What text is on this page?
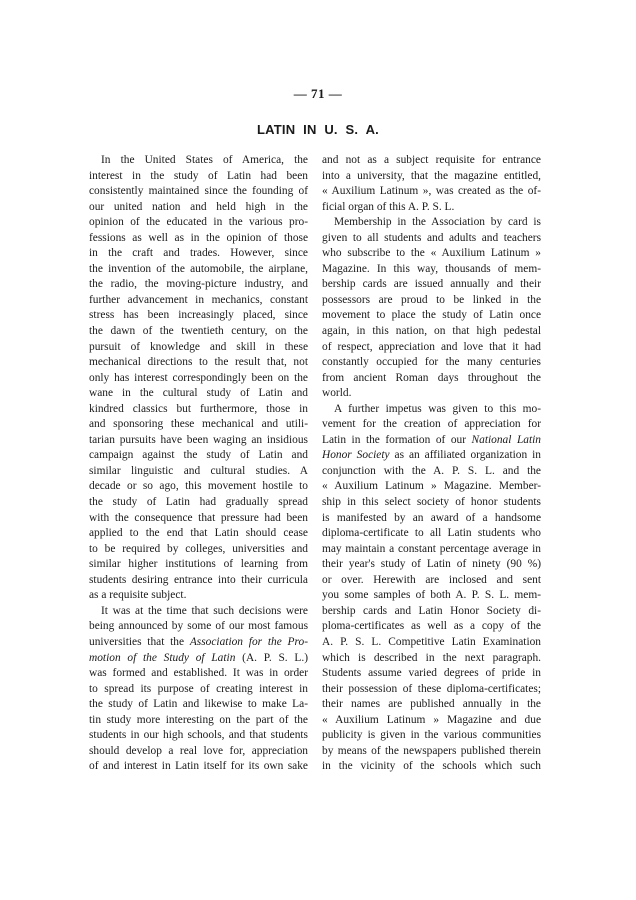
— 71 —
LATIN IN U. S. A.
In the United States of America, the
interest in the study of Latin had been
consistently maintained since the founding of
our united nation and held high in the
opinion of the educated in the various pro-
fessions as well as in the opinion of those
in the craft and trades. However, since
the invention of the automobile, the airplane,
the radio, the moving-picture industry, and
further advancement in mechanics, constant
stress has been increasingly placed, since
the dawn of the twentieth century, on the
pursuit of knowledge and skill in these
mechanical directions to the result that, not
only has interest correspondingly been on the
wane in the cultural study of Latin and
kindred classics but furthermore, those in
and sponsoring these mechanical and utili-
tarian pursuits have been waging an insidious
campaign against the study of Latin and
similar linguistic and cultural studies. A
decade or so ago, this movement hostile to
the study of Latin had gradually spread
with the consequence that pressure had been
applied to the end that Latin should cease
to be required by colleges, universities and
similar higher institutions of learning from
students desiring entrance into their curricula
as a requisite subject.
It was at the time that such decisions were
being announced by some of our most famous
universities that the Association for the Pro-
motion of the Study of Latin (A. P. S. L.)
was formed and established. It was in order
to spread its purpose of creating interest in
the study of Latin and likewise to make La-
tin study more interesting on the part of the
students in our high schools, and that students
should develop a real love for, appreciation
of and interest in Latin itself for its own sake
and not as a subject requisite for entrance
into a university, that the magazine entitled,
« Auxilium Latinum », was created as the of-
ficial organ of this A. P. S. L.
Membership in the Association by card is
given to all students and adults and teachers
who subscribe to the « Auxilium Latinum »
Magazine. In this way, thousands of mem-
bership cards are issued annually and their
possessors are proud to be linked in the
movement to place the study of Latin once
again, in this nation, on that high pedestal
of respect, appreciation and love that it had
constantly occupied for the many centuries
from ancient Roman days throughout the
world.
A further impetus was given to this mo-
vement for the creation of appreciation for
Latin in the formation of our National Latin
Honor Society as an affiliated organization in
conjunction with the A. P. S. L. and the
« Auxilium Latinum » Magazine. Member-
ship in this select society of honor students
is manifested by an award of a handsome
diploma-certificate to all Latin students who
may maintain a constant percentage average in
their year's study of Latin of ninety (90 %)
or over. Herewith are inclosed and sent
you some samples of both A. P. S. L. mem-
bership cards and Latin Honor Society di-
ploma-certificates as well as a copy of the
A. P. S. L. Competitive Latin Examination
which is described in the next paragraph.
Students assume varied degrees of pride in
their possession of these diploma-certificates;
their names are published annually in the
« Auxilium Latinum » Magazine and due
publicity is given in the various communities
by means of the newspapers published therein
in the vicinity of the schools which such
